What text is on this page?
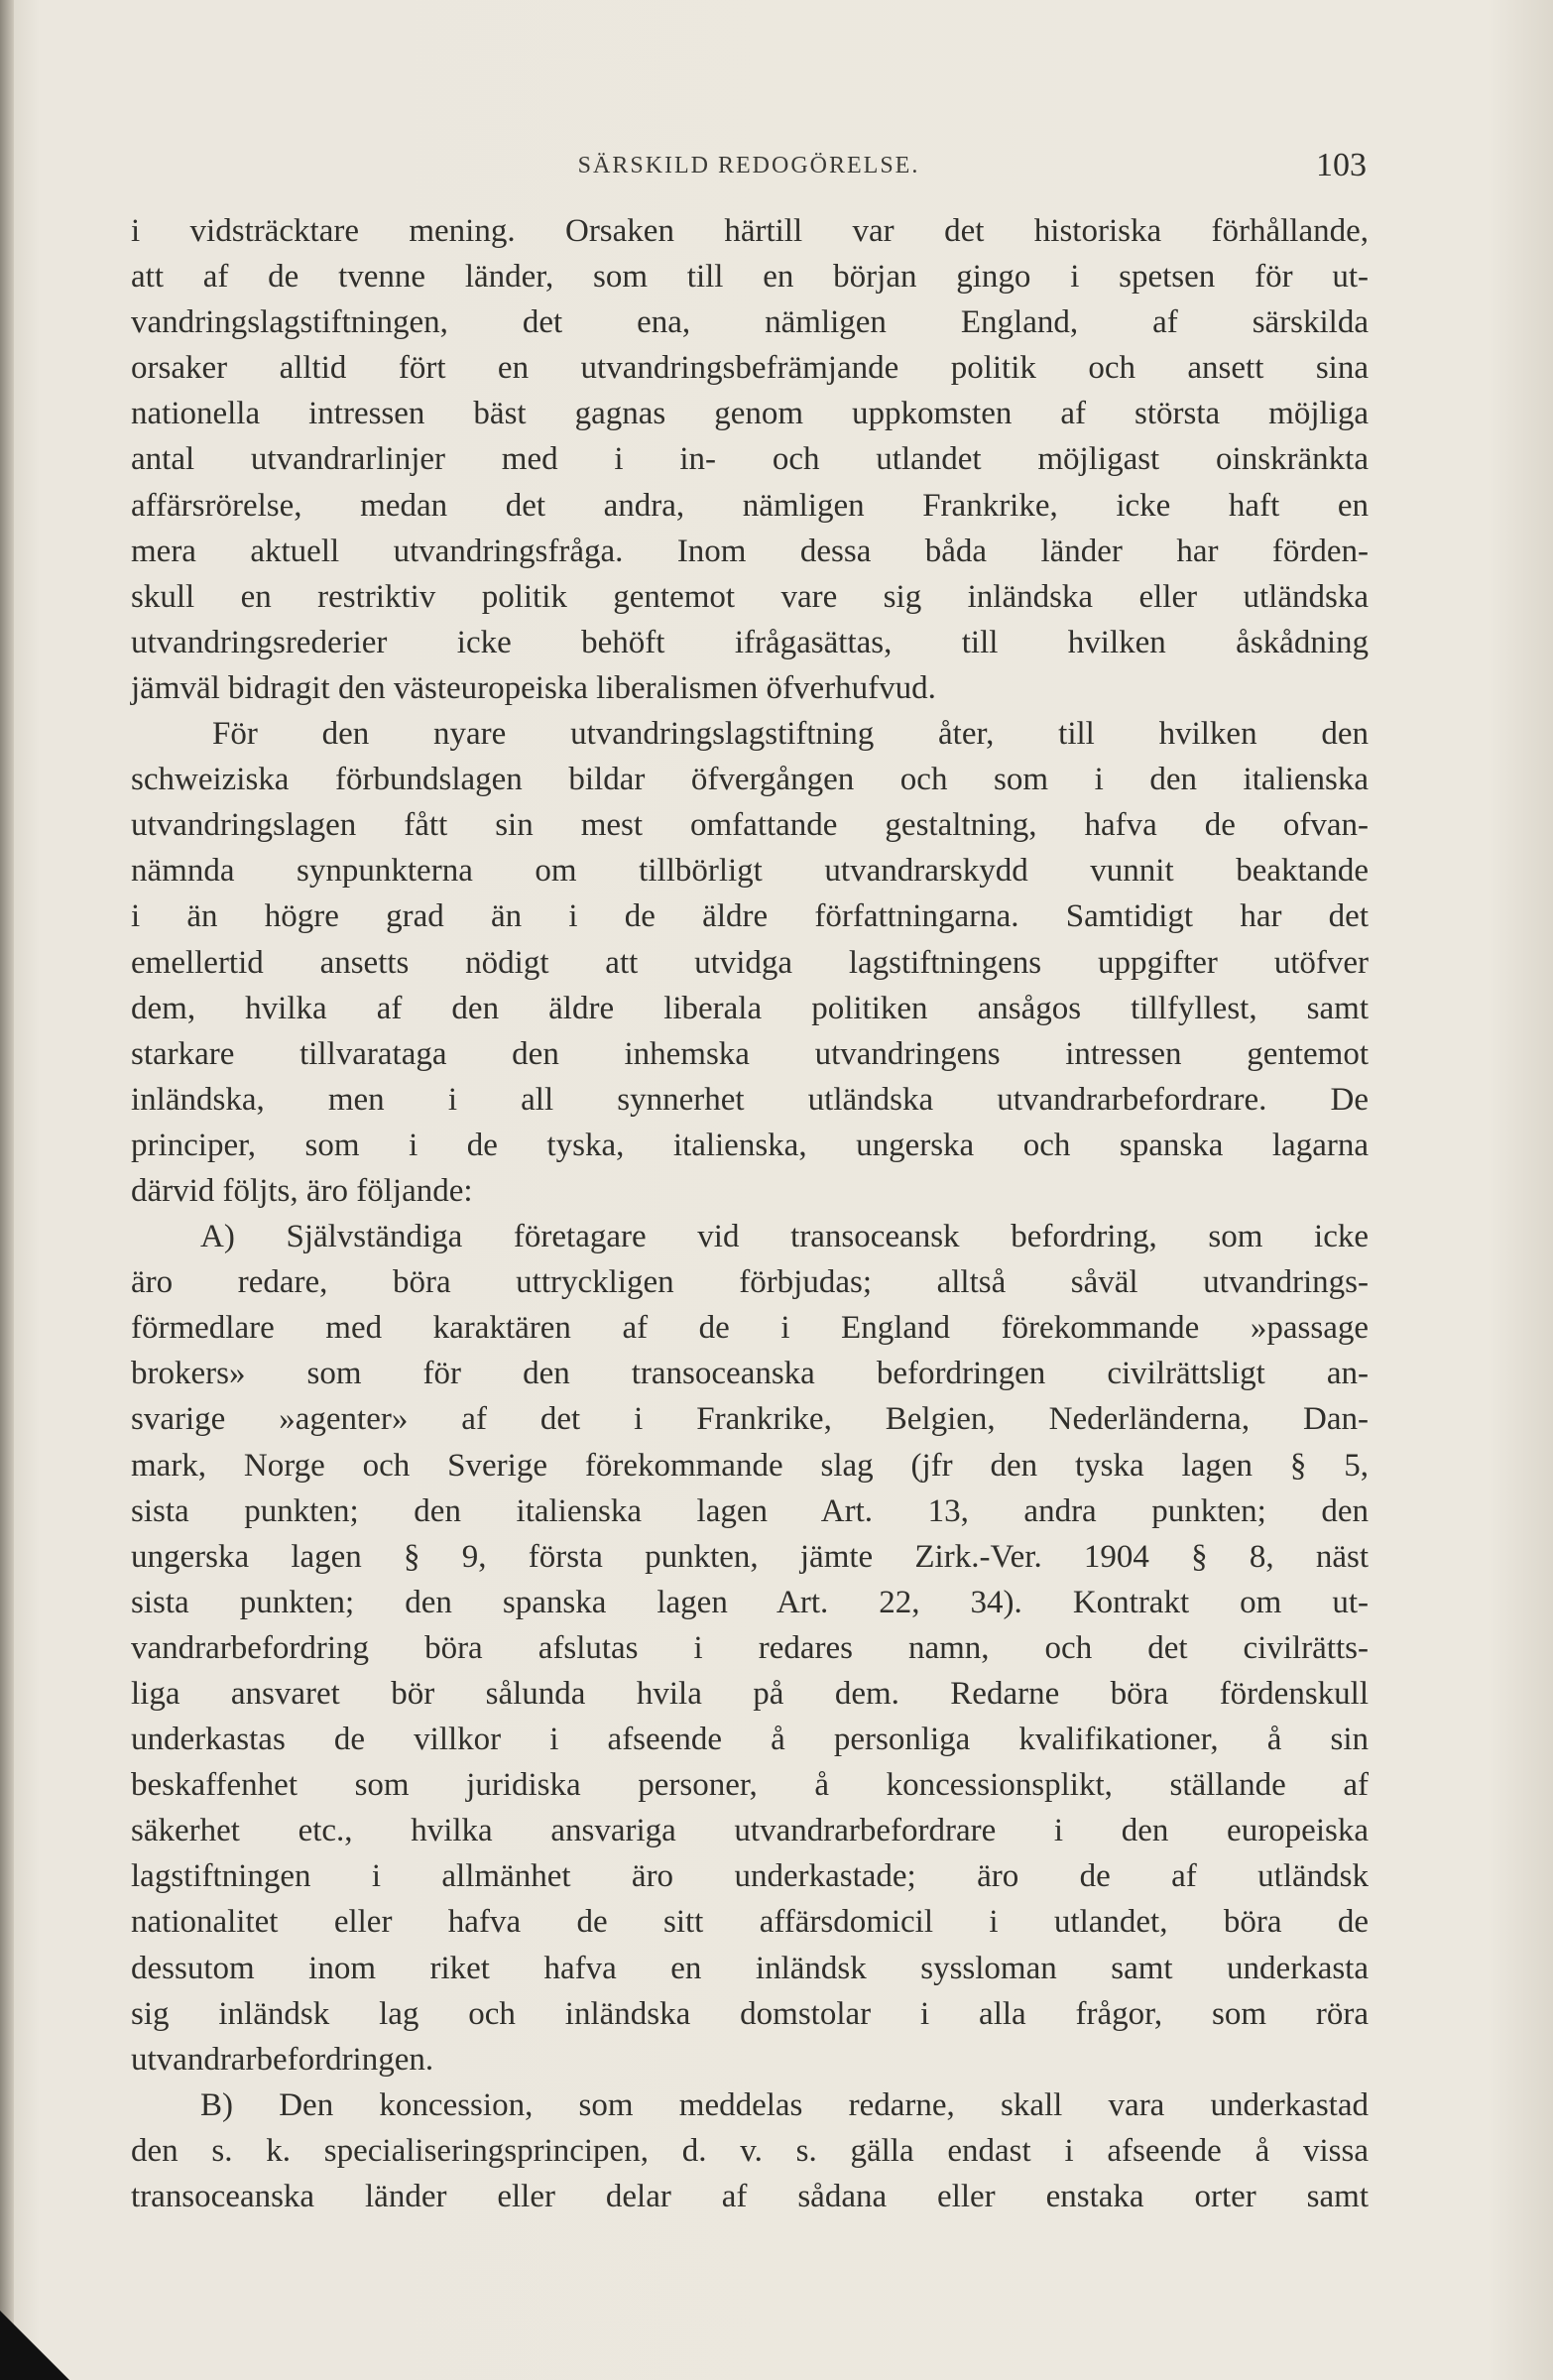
SÄRSKILD REDOGÖRELSE.	103
i vidsträcktare mening. Orsaken härtill var det historiska förhållande,
att af de tvenne länder, som till en början gingo i spetsen för ut-
vandringslagstiftningen, det ena, nämligen England, af särskilda
orsaker alltid fört en utvandringsbefrämjande politik och ansett sina
nationella intressen bäst gagnas genom uppkomsten af största möjliga
antal utvandrarlinjer med i in- och utlandet möjligast oinskränkta
affärsrörelse, medan det andra, nämligen Frankrike, icke haft en
mera aktuell utvandringsfråga. Inom dessa båda länder har förden-
skull en restriktiv politik gentemot vare sig inländska eller utländska
utvandringsrederier icke behöft ifrågasättas, till hvilken åskådning
jämväl bidragit den västeuropeiska liberalismen öfverhufvud.
För den nyare utvandringslagstiftning åter, till hvilken den
schweiziska förbundslagen bildar öfvergången och som i den italienska
utvandringslagen fått sin mest omfattande gestaltning, hafva de ofvan-
nämnda synpunkterna om tillbörligt utvandrarskydd vunnit beaktande
i än högre grad än i de äldre författningarna. Samtidigt har det
emellertid ansetts nödigt att utvidga lagstiftningens uppgifter utöfver
dem, hvilka af den äldre liberala politiken ansågos tillfyllest, samt
starkare tillvarataga den inhemska utvandringens intressen gentemot
inländska, men i all synnerhet utländska utvandrarbefordrare. De
principer, som i de tyska, italienska, ungerska och spanska lagarna
därvid följts, äro följande:
A) Självständiga företagare vid transoceansk befordring, som icke
äro redare, böra uttryckligen förbjudas; alltså såväl utvandrings-
förmedlare med karaktären af de i England förekommande »passage
brokers» som för den transoceanska befordringen civilrättsligt an-
svarige »agenter» af det i Frankrike, Belgien, Nederländerna, Dan-
mark, Norge och Sverige förekommande slag (jfr den tyska lagen § 5,
sista punkten; den italienska lagen Art. 13, andra punkten; den
ungerska lagen § 9, första punkten, jämte Zirk.-Ver. 1904 § 8, näst
sista punkten; den spanska lagen Art. 22, 34). Kontrakt om ut-
vandrarbefordring böra afslutas i redares namn, och det civilrätts-
liga ansvaret bör sålunda hvila på dem. Redarne böra fördenskull
underkastas de villkor i afseende å personliga kvalifikationer, å sin
beskaffenhet som juridiska personer, å koncessionsplikt, ställande af
säkerhet etc., hvilka ansvariga utvandrarbefordrare i den europeiska
lagstiftningen i allmänhet äro underkastade; äro de af utländsk
nationalitet eller hafva de sitt affärsdomicil i utlandet, böra de
dessutom inom riket hafva en inländsk syssloman samt underkasta
sig inländsk lag och inländska domstolar i alla frågor, som röra
utvandrarbefordringen.
B) Den koncession, som meddelas redarne, skall vara underkastad
den s. k. specialiseringsprincipen, d. v. s. gälla endast i afseende å vissa
transoceanska länder eller delar af sådana eller enstaka orter samt
